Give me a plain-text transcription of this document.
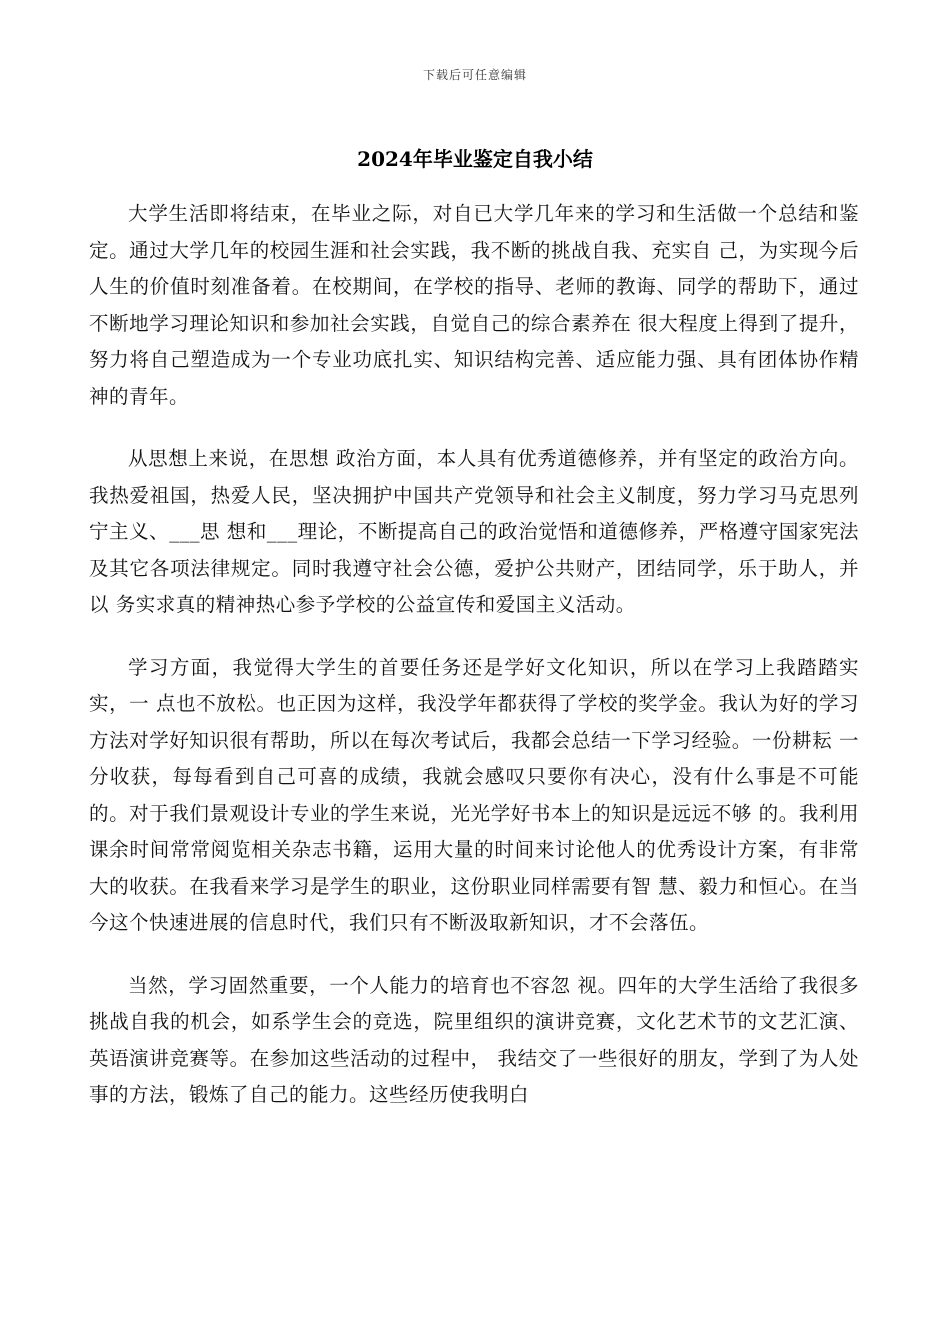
下载后可任意编辑
2024年毕业鉴定自我小结

大学生活即将结束，在毕业之际，对自已大学几年来的学习和生活做一个总结和鉴定。通过大学几年的校园生涯和社会实践，我不断的挑战自我、充实自 己，为实现今后人生的价值时刻准备着。在校期间，在学校的指导、老师的教诲、同学的帮助下，通过不断地学习理论知识和参加社会实践，自觉自己的综合素养在 很大程度上得到了提升，努力将自己塑造成为一个专业功底扎实、知识结构完善、适应能力强、具有团体协作精神的青年。

从思想上来说，在思想 政治方面，本人具有优秀道德修养，并有坚定的政治方向。我热爱祖国，热爱人民，坚决拥护中国共产党领导和社会主义制度，努力学习马克思列宁主义、___思 想和___理论，不断提高自己的政治觉悟和道德修养，严格遵守国家宪法及其它各项法律规定。同时我遵守社会公德，爱护公共财产，团结同学，乐于助人，并以 务实求真的精神热心参予学校的公益宣传和爱国主义活动。

学习方面，我觉得大学生的首要任务还是学好文化知识，所以在学习上我踏踏实实，一 点也不放松。也正因为这样，我没学年都获得了学校的奖学金。我认为好的学习方法对学好知识很有帮助，所以在每次考试后，我都会总结一下学习经验。一份耕耘 一分收获，每每看到自己可喜的成绩，我就会感叹只要你有决心，没有什么事是不可能的。对于我们景观设计专业的学生来说，光光学好书本上的知识是远远不够 的。我利用课余时间常常阅览相关杂志书籍，运用大量的时间来讨论他人的优秀设计方案，有非常大的收获。在我看来学习是学生的职业，这份职业同样需要有智 慧、毅力和恒心。在当今这个快速进展的信息时代，我们只有不断汲取新知识，才不会落伍。

当然，学习固然重要，一个人能力的培育也不容忽 视。四年的大学生活给了我很多挑战自我的机会，如系学生会的竞选，院里组织的演讲竞赛，文化艺术节的文艺汇演、英语演讲竞赛等。在参加这些活动的过程中， 我结交了一些很好的朋友，学到了为人处事的方法，锻炼了自己的能力。这些经历使我明白
